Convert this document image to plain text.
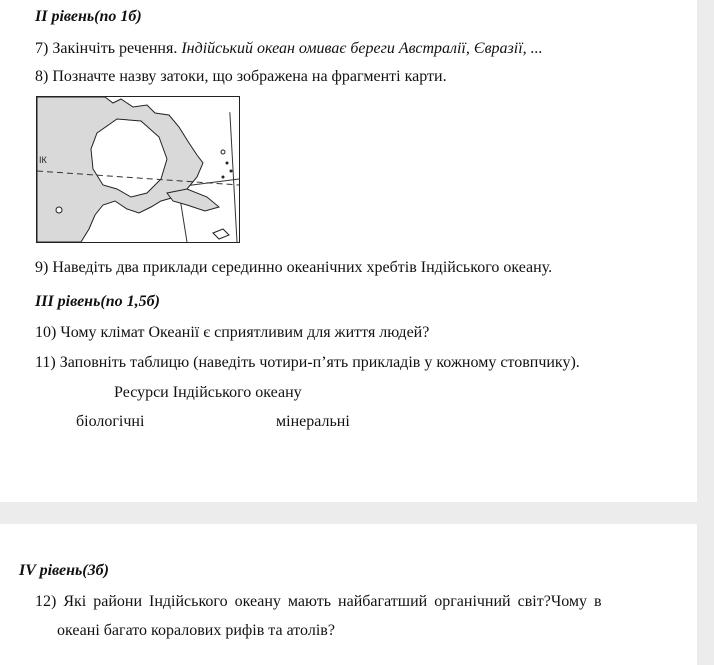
II рівень(по 1б)
7) Закінчіть речення. Індійський океан омиває береги Австралії, Євразії, ...
8) Позначте назву затоки, що зображена на фрагменті карти.
ІК
9) Наведіть два приклади серединно океанічних хребтів Індійського океану.
ІІІ рівень(по 1,5б)
10) Чому клімат Океанії є сприятливим для життя людей?
11) Заповніть таблицю (наведіть чотири-п’ять прикладів у кожному стовпчику).
Ресурси Індійського океану
біологічні	мінеральні
IV рівень(3б)
12) Які райони Індійського океану мають найбагатший органічний світ?Чому в
океані багато коралових рифів та атолів?
